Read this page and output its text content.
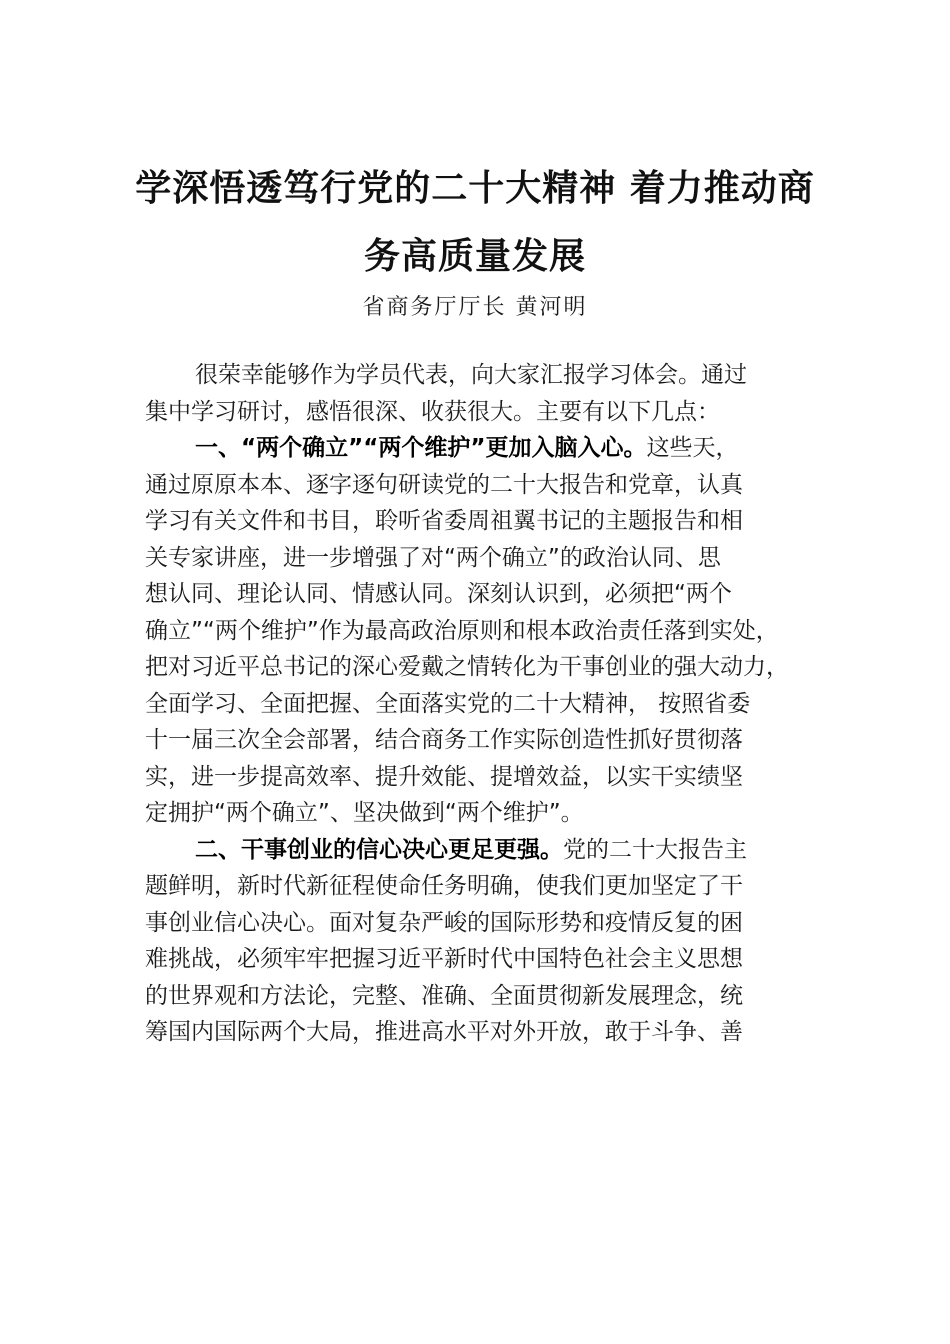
学深悟透笃行党的二十大精神 着力推动商
务高质量发展
省商务厅厅长 黄河明
很荣幸能够作为学员代表，向大家汇报学习体会。通过
集中学习研讨，感悟很深、收获很大。主要有以下几点：
一、“两个确立”“两个维护”更加入脑入心。这些天，
通过原原本本、逐字逐句研读党的二十大报告和党章，认真
学习有关文件和书目，聆听省委周祖翼书记的主题报告和相
关专家讲座，进一步增强了对“两个确立”的政治认同、思
想认同、理论认同、情感认同。深刻认识到，必须把“两个
确立”“两个维护”作为最高政治原则和根本政治责任落到实处，
把对习近平总书记的深心爱戴之情转化为干事创业的强大动力，
全面学习、全面把握、全面落实党的二十大精神， 按照省委
十一届三次全会部署，结合商务工作实际创造性抓好贯彻落
实，进一步提高效率、提升效能、提增效益，以实干实绩坚
定拥护“两个确立”、坚决做到“两个维护”。
二、干事创业的信心决心更足更强。党的二十大报告主
题鲜明，新时代新征程使命任务明确，使我们更加坚定了干
事创业信心决心。面对复杂严峻的国际形势和疫情反复的困
难挑战，必须牢牢把握习近平新时代中国特色社会主义思想
的世界观和方法论，完整、准确、全面贯彻新发展理念，统
筹国内国际两个大局，推进高水平对外开放，敢于斗争、善
